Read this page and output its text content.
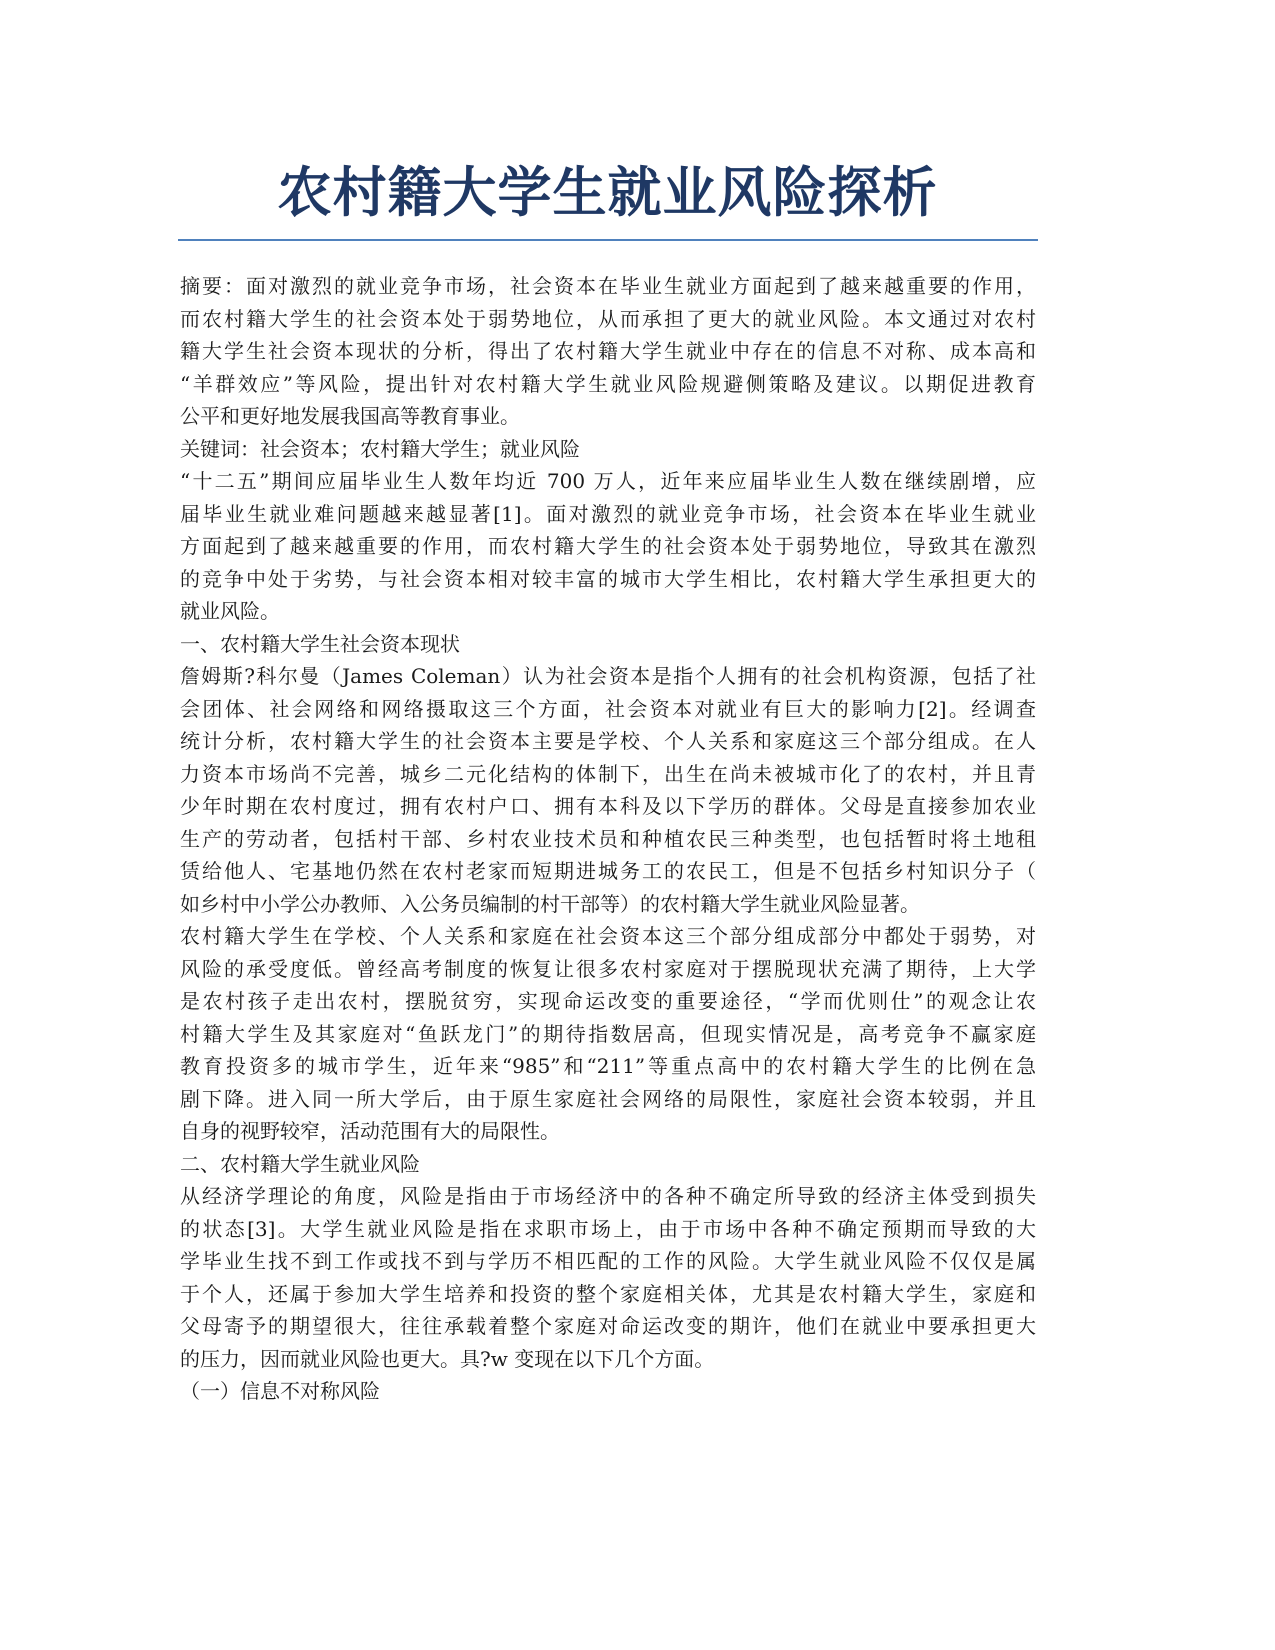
农村籍大学生就业风险探析
摘要：面对激烈的就业竞争市场，社会资本在毕业生就业方面起到了越来越重要的作用，
而农村籍大学生的社会资本处于弱势地位，从而承担了更大的就业风险。本文通过对农村
籍大学生社会资本现状的分析，得出了农村籍大学生就业中存在的信息不对称、成本高和
“羊群效应”等风险，提出针对农村籍大学生就业风险规避侧策略及建议。以期促进教育
公平和更好地发展我国高等教育事业。
关键词：社会资本；农村籍大学生；就业风险
“十二五”期间应届毕业生人数年均近 700 万人，近年来应届毕业生人数在继续剧增，应
届毕业生就业难问题越来越显著[1]。面对激烈的就业竞争市场，社会资本在毕业生就业
方面起到了越来越重要的作用，而农村籍大学生的社会资本处于弱势地位，导致其在激烈
的竞争中处于劣势，与社会资本相对较丰富的城市大学生相比，农村籍大学生承担更大的
就业风险。
一、农村籍大学生社会资本现状
詹姆斯?科尔曼（James Coleman）认为社会资本是指个人拥有的社会机构资源，包括了社
会团体、社会网络和网络摄取这三个方面，社会资本对就业有巨大的影响力[2]。经调查
统计分析，农村籍大学生的社会资本主要是学校、个人关系和家庭这三个部分组成。在人
力资本市场尚不完善，城乡二元化结构的体制下，出生在尚未被城市化了的农村，并且青
少年时期在农村度过，拥有农村户口、拥有本科及以下学历的群体。父母是直接参加农业
生产的劳动者，包括村干部、乡村农业技术员和种植农民三种类型，也包括暂时将土地租
赁给他人、宅基地仍然在农村老家而短期进城务工的农民工，但是不包括乡村知识分子（
如乡村中小学公办教师、入公务员编制的村干部等）的农村籍大学生就业风险显著。
农村籍大学生在学校、个人关系和家庭在社会资本这三个部分组成部分中都处于弱势，对
风险的承受度低。曾经高考制度的恢复让很多农村家庭对于摆脱现状充满了期待，上大学
是农村孩子走出农村，摆脱贫穷，实现命运改变的重要途径，“学而优则仕”的观念让农
村籍大学生及其家庭对“鱼跃龙门”的期待指数居高，但现实情况是，高考竞争不赢家庭
教育投资多的城市学生，近年来“985”和“211”等重点高中的农村籍大学生的比例在急
剧下降。进入同一所大学后，由于原生家庭社会网络的局限性，家庭社会资本较弱，并且
自身的视野较窄，活动范围有大的局限性。
二、农村籍大学生就业风险
从经济学理论的角度，风险是指由于市场经济中的各种不确定所导致的经济主体受到损失
的状态[3]。大学生就业风险是指在求职市场上，由于市场中各种不确定预期而导致的大
学毕业生找不到工作或找不到与学历不相匹配的工作的风险。大学生就业风险不仅仅是属
于个人，还属于参加大学生培养和投资的整个家庭相关体，尤其是农村籍大学生，家庭和
父母寄予的期望很大，往往承载着整个家庭对命运改变的期许，他们在就业中要承担更大
的压力，因而就业风险也更大。具?w 变现在以下几个方面。
（一）信息不对称风险
